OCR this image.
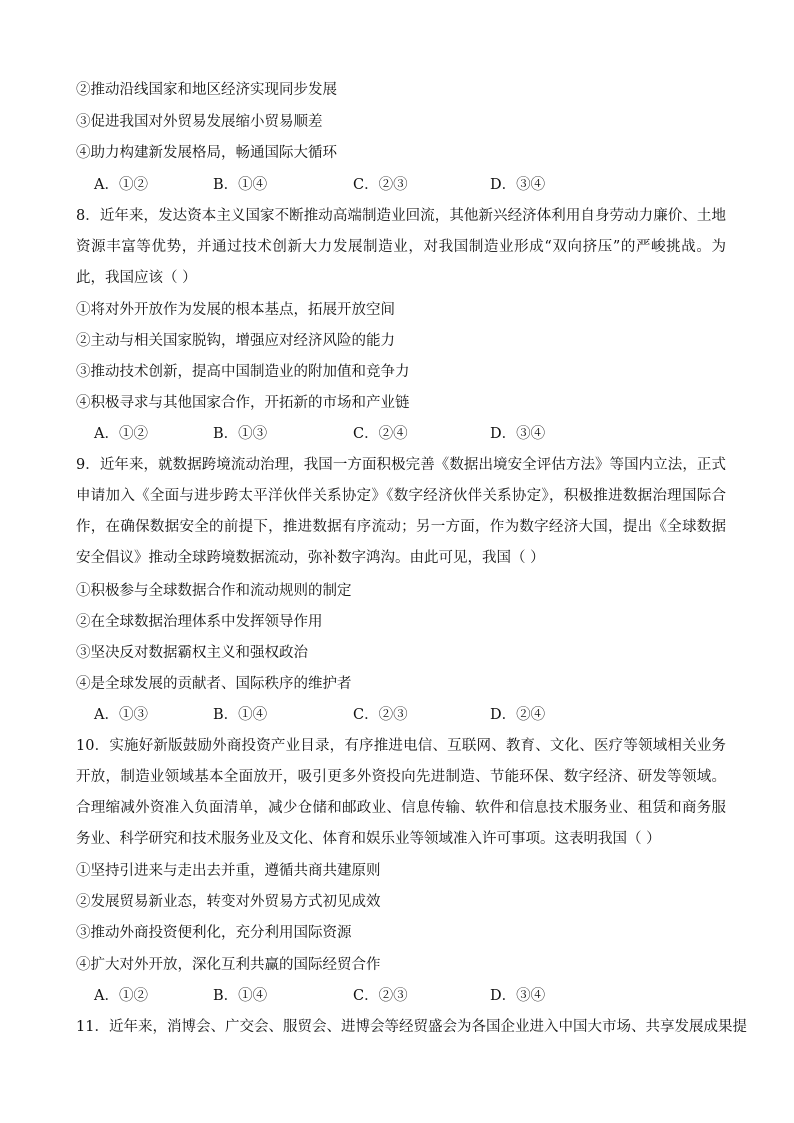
②推动沿线国家和地区经济实现同步发展
③促进我国对外贸易发展缩小贸易顺差
④助力构建新发展格局，畅通国际大循环
A．①②	B．①④	C．②③	D．③④
8．近年来，发达资本主义国家不断推动高端制造业回流，其他新兴经济体利用自身劳动力廉价、土地资源丰富等优势，并通过技术创新大力发展制造业，对我国制造业形成“双向挤压”的严峻挑战。为此，我国应该（ ）
①将对外开放作为发展的根本基点，拓展开放空间
②主动与相关国家脱钩，增强应对经济风险的能力
③推动技术创新，提高中国制造业的附加值和竞争力
④积极寻求与其他国家合作，开拓新的市场和产业链
A．①②	B．①③	C．②④	D．③④
9．近年来，就数据跨境流动治理，我国一方面积极完善《数据出境安全评估方法》等国内立法，正式申请加入《全面与进步跨太平洋伙伴关系协定》《数字经济伙伴关系协定》，积极推进数据治理国际合作，在确保数据安全的前提下，推进数据有序流动；另一方面，作为数字经济大国，提出《全球数据安全倡议》推动全球跨境数据流动，弥补数字鸿沟。由此可见，我国（ ）
①积极参与全球数据合作和流动规则的制定
②在全球数据治理体系中发挥领导作用
③坚决反对数据霸权主义和强权政治
④是全球发展的贡献者、国际秩序的维护者
A．①③	B．①④	C．②③	D．②④
10．实施好新版鼓励外商投资产业目录，有序推进电信、互联网、教育、文化、医疗等领域相关业务开放，制造业领域基本全面放开，吸引更多外资投向先进制造、节能环保、数字经济、研发等领域。合理缩减外资准入负面清单，减少仓储和邮政业、信息传输、软件和信息技术服务业、租赁和商务服务业、科学研究和技术服务业及文化、体育和娱乐业等领域准入许可事项。这表明我国（ ）
①坚持引进来与走出去并重，遵循共商共建原则
②发展贸易新业态，转变对外贸易方式初见成效
③推动外商投资便利化，充分利用国际资源
④扩大对外开放，深化互利共赢的国际经贸合作
A．①②	B．①④	C．②③	D．③④
11．近年来，消博会、广交会、服贸会、进博会等经贸盛会为各国企业进入中国大市场、共享发展成果提
